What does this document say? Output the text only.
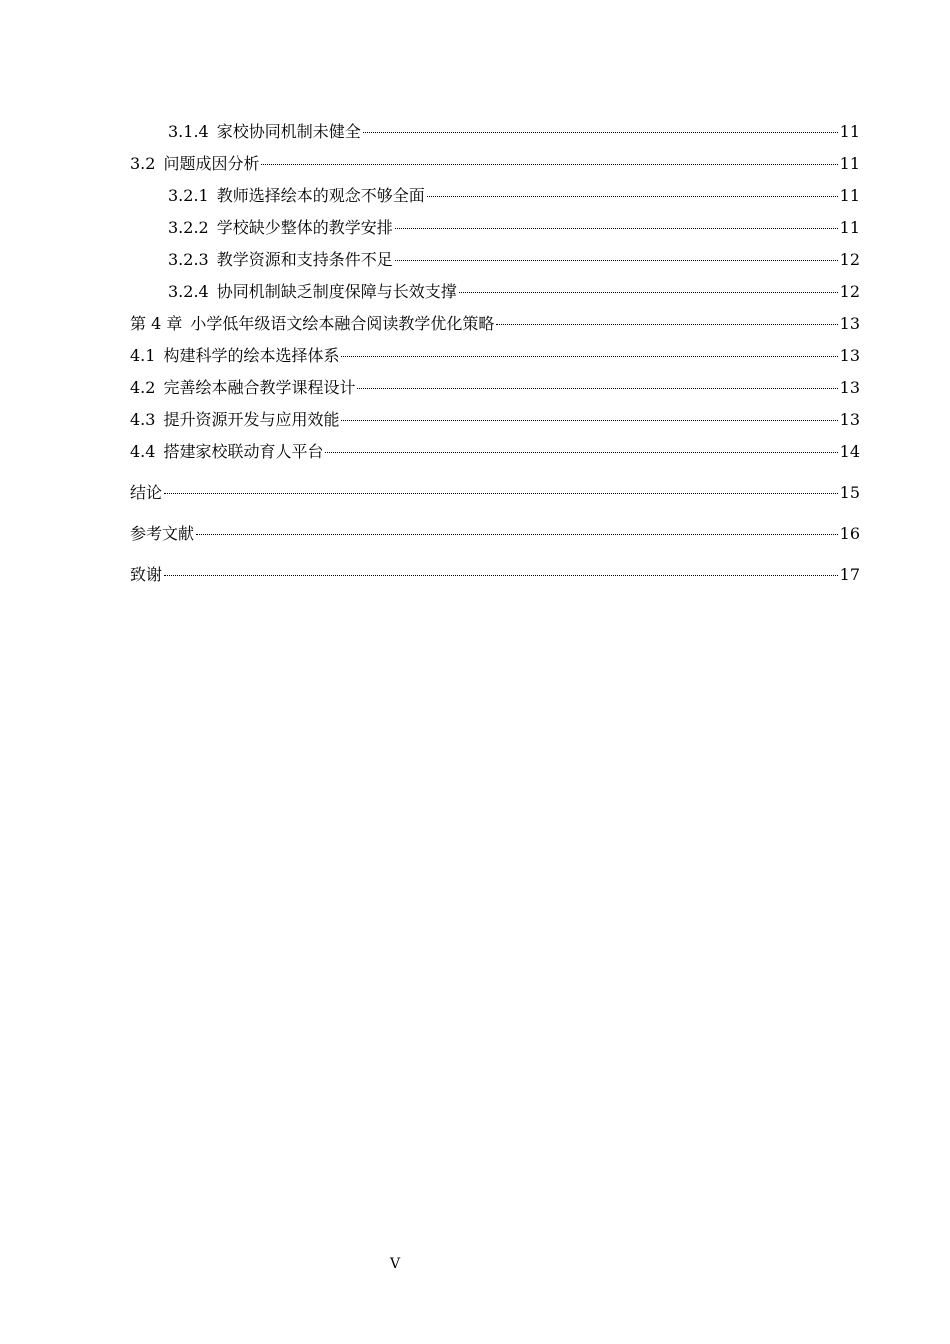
3.1.4 家校协同机制未健全	11
3.2 问题成因分析	11
3.2.1 教师选择绘本的观念不够全面	11
3.2.2 学校缺少整体的教学安排	11
3.2.3 教学资源和支持条件不足	12
3.2.4 协同机制缺乏制度保障与长效支撑	12
第 4 章 小学低年级语文绘本融合阅读教学优化策略	13
4.1 构建科学的绘本选择体系	13
4.2 完善绘本融合教学课程设计	13
4.3 提升资源开发与应用效能	13
4.4 搭建家校联动育人平台	14
结论	15
参考文献	16
致谢	17
V
